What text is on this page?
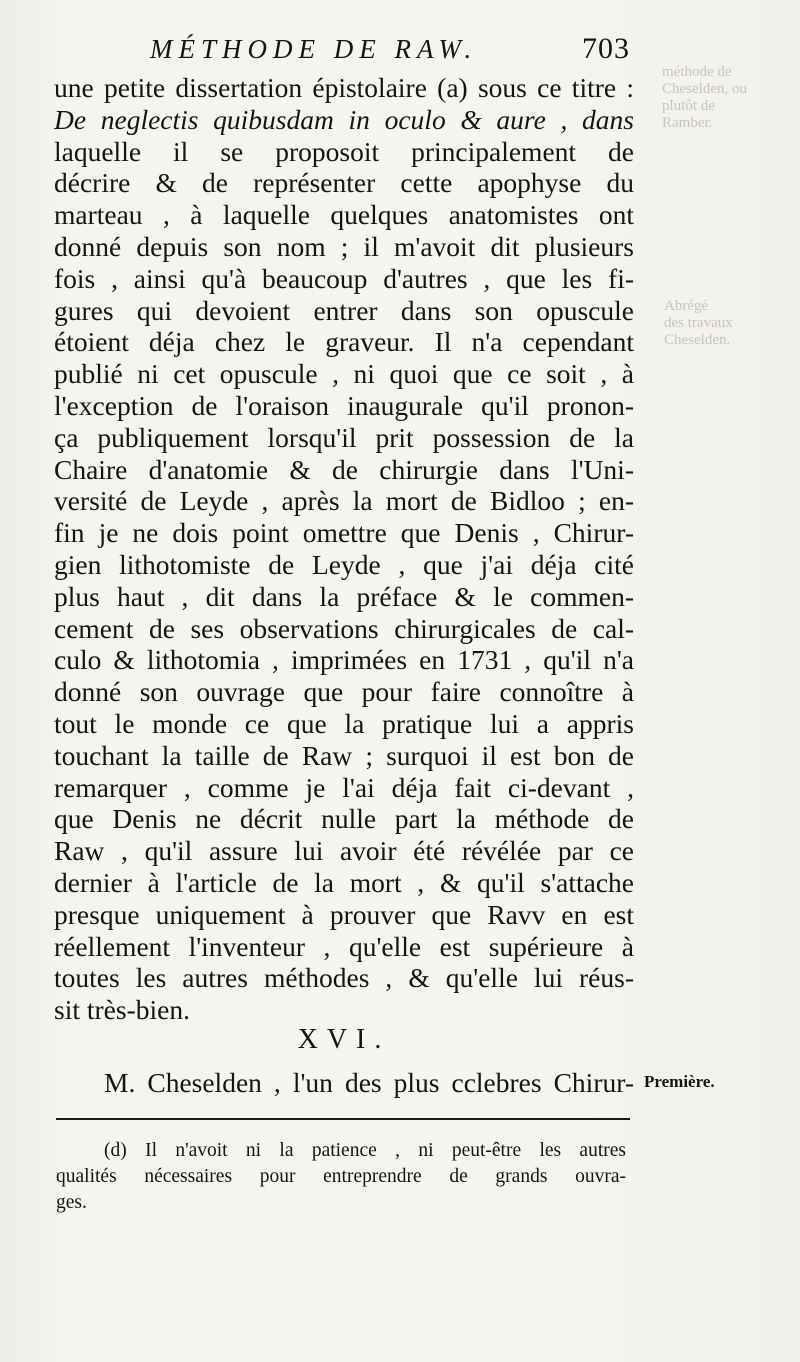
méthode de
Cheselden, ou
plutôt de
Ramber.
Abrégé
des travaux
Cheselden.
MÉTHODE DE RAW.	703
une petite dissertation épistolaire (a) sous ce titre :
De neglectis quibusdam in oculo & aure , dans
laquelle il se proposoit principalement de
décrire & de représenter cette apophyse du
marteau , à laquelle quelques anatomistes ont
donné depuis son nom ; il m'avoit dit plusieurs
fois , ainsi qu'à beaucoup d'autres , que les fi-
gures qui devoient entrer dans son opuscule
étoient déja chez le graveur. Il n'a cependant
publié ni cet opuscule , ni quoi que ce soit , à
l'exception de l'oraison inaugurale qu'il pronon-
ça publiquement lorsqu'il prit possession de la
Chaire d'anatomie & de chirurgie dans l'Uni-
versité de Leyde , après la mort de Bidloo ; en-
fin je ne dois point omettre que Denis , Chirur-
gien lithotomiste de Leyde , que j'ai déja cité
plus haut , dit dans la préface & le commen-
cement de ses observations chirurgicales de cal-
culo & lithotomia , imprimées en 1731 , qu'il n'a
donné son ouvrage que pour faire connoître à
tout le monde ce que la pratique lui a appris
touchant la taille de Raw ; surquoi il est bon de
remarquer , comme je l'ai déja fait ci-devant ,
que Denis ne décrit nulle part la méthode de
Raw , qu'il assure lui avoir été révélée par ce
dernier à l'article de la mort , & qu'il s'attache
presque uniquement à prouver que Ravv en est
réellement l'inventeur , qu'elle est supérieure à
toutes les autres méthodes , & qu'elle lui réus-
sit très-bien.
XVI.
M. Cheselden , l'un des plus cclebres Chirur- Première.
(d) Il n'avoit ni la patience , ni peut-être les autres
qualités nécessaires pour entreprendre de grands ouvra-
ges.
